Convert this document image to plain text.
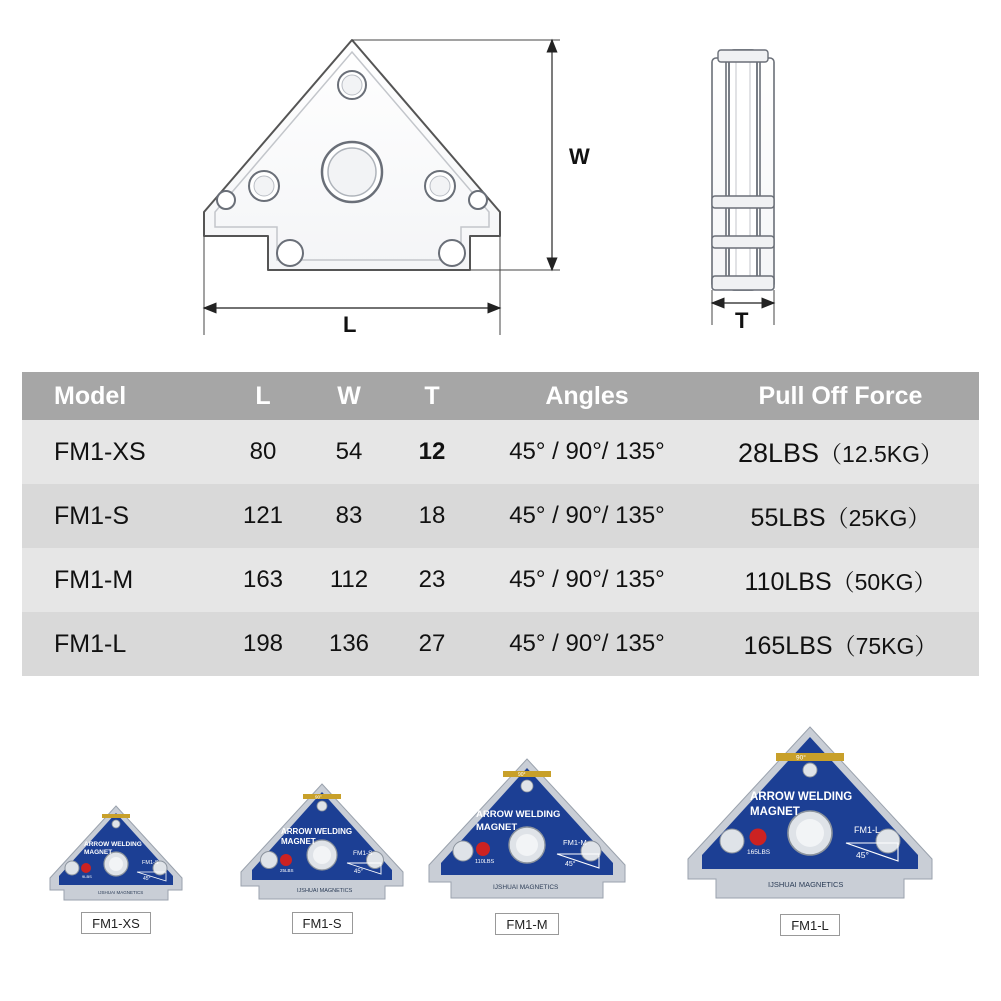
W
L	T
Model	L	W	T	Angles	Pull Off Force
FM1-XS	80	54	12	45° / 90°/ 135°	28LBS（12.5KG）
FM1-S	121	83	18	45° / 90°/ 135°	55LBS（25KG）
FM1-M	163	112	23	45° / 90°/ 135°	110LBS（50KG）
FM1-L	198	136	27	45° / 90°/ 135°	165LBS（75KG）
ARROW WELDING
MAGNET
FM1-S
45°
9LBS
IJSHUAI MAGNETICS
FM1-XS
90°
ARROW WELDING
MAGNET
FM1-S
45°
25LBS
IJSHUAI MAGNETICS
FM1-S
90°
ARROW WELDING
MAGNET
FM1-M
45°
110LBS
IJSHUAI MAGNETICS
FM1-M
90°
ARROW WELDING
MAGNET
FM1-L
45°
165LBS
IJSHUAI MAGNETICS
FM1-L
